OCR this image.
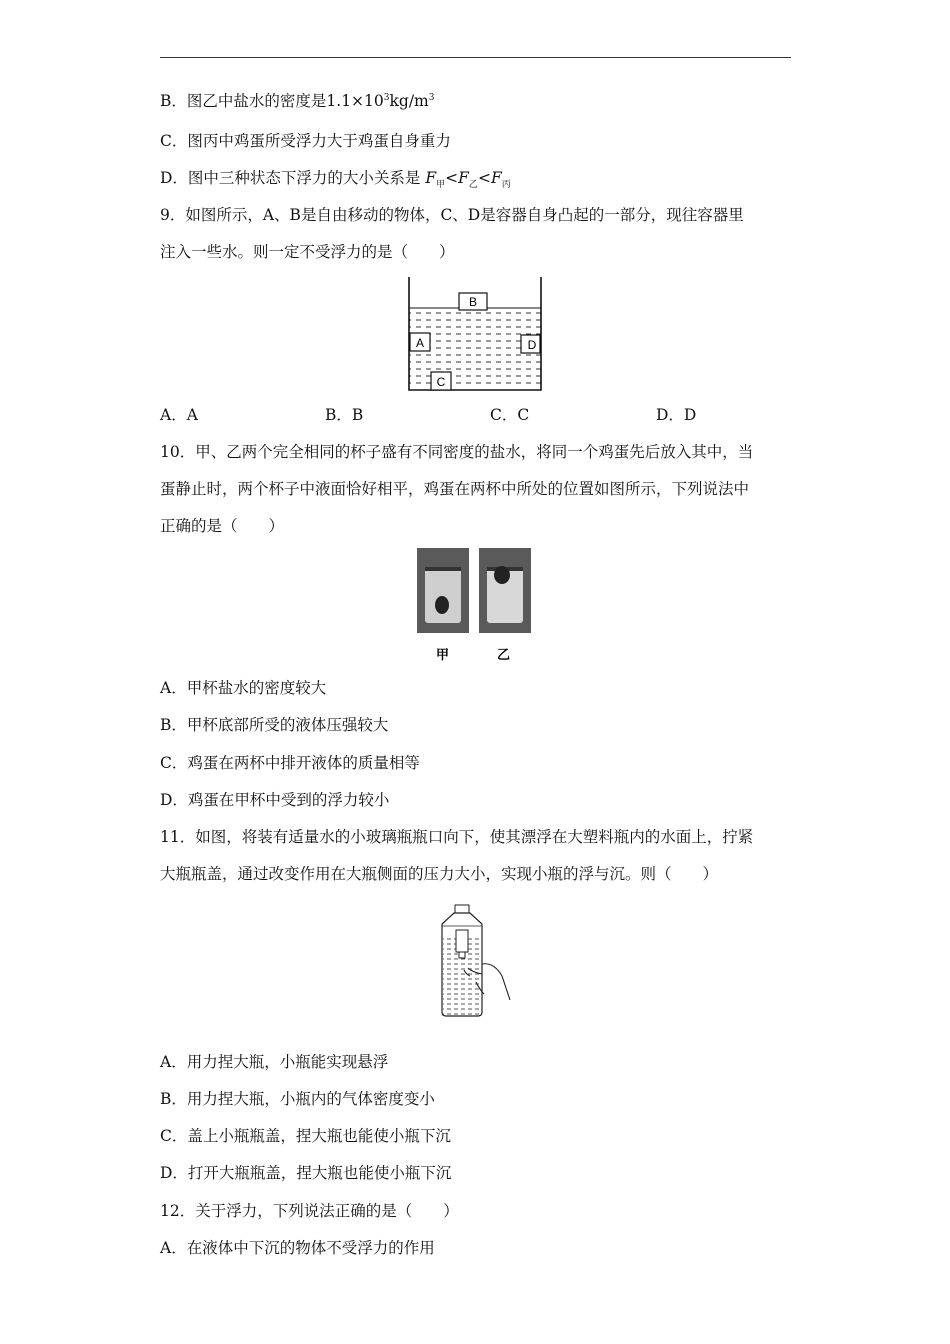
B．图乙中盐水的密度是$1.1\times 10^3kg/m^3$
C．图丙中鸡蛋所受浮力大于鸡蛋自身重力
D．图中三种状态下浮力的大小关系是 $F_甲<F_乙<F_丙$
9．如图所示，A、B是自由移动的物体，C、D是容器自身凸起的一部分，现往容器里
注入一些水。则一定不受浮力的是（　　）
B
A	D
C
A．A	B．B	C．C	D．D
10．甲、乙两个完全相同的杯子盛有不同密度的盐水，将同一个鸡蛋先后放入其中，当
蛋静止时，两个杯子中液面恰好相平，鸡蛋在两杯中所处的位置如图所示，下列说法中
正确的是（　　）
甲	乙
A．甲杯盐水的密度较大
B．甲杯底部所受的液体压强较大
C．鸡蛋在两杯中排开液体的质量相等
D．鸡蛋在甲杯中受到的浮力较小
11．如图，将装有适量水的小玻璃瓶瓶口向下，使其漂浮在大塑料瓶内的水面上，拧紧
大瓶瓶盖，通过改变作用在大瓶侧面的压力大小，实现小瓶的浮与沉。则（　　）
A．用力捏大瓶，小瓶能实现悬浮
B．用力捏大瓶，小瓶内的气体密度变小
C．盖上小瓶瓶盖，捏大瓶也能使小瓶下沉
D．打开大瓶瓶盖，捏大瓶也能使小瓶下沉
12．关于浮力，下列说法正确的是（　　）
A．在液体中下沉的物体不受浮力的作用
